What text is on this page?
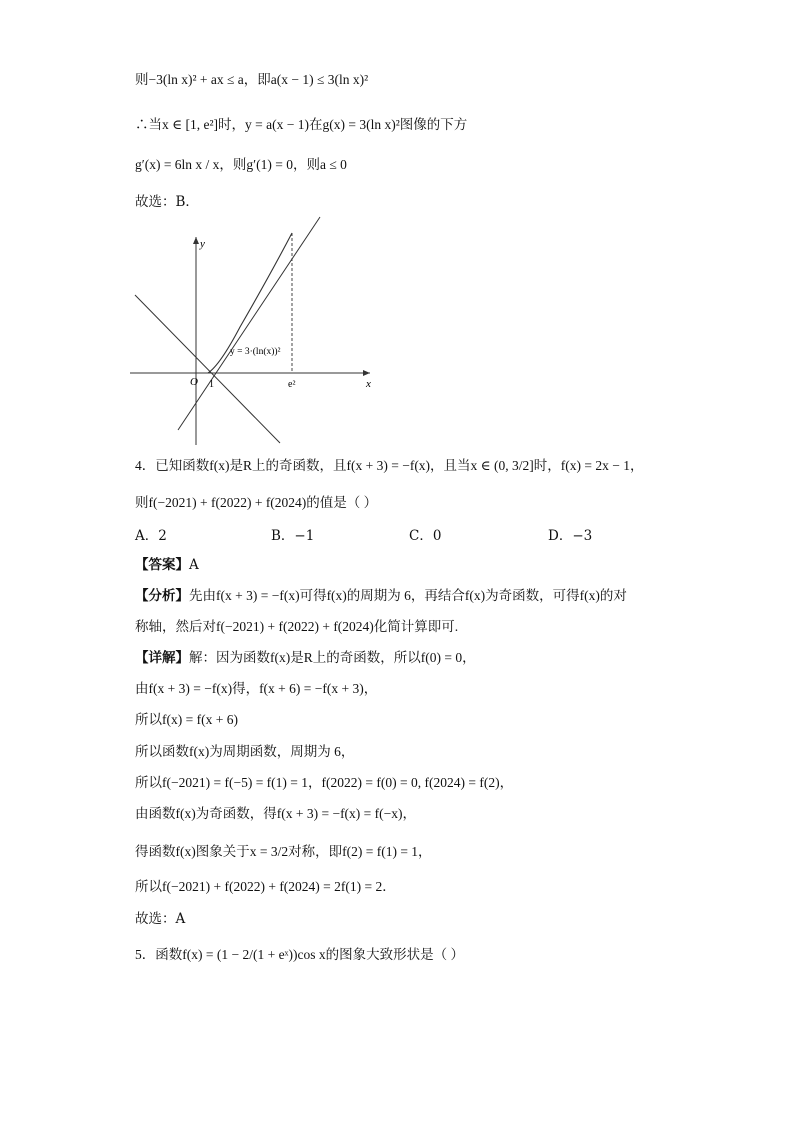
则−3(ln x)² + ax ≤ a，即a(x − 1) ≤ 3(ln x)²
∴当x ∈ [1, e²]时，y = a(x − 1)在g(x) = 3(ln x)²图像的下方
g′(x) = 6ln x / x，则g′(1) = 0，则a ≤ 0
故选：B．
y
x
O 1	e²
y = 3·(ln(x))²
4．已知函数f(x)是R上的奇函数，且f(x + 3) = −f(x)，且当x ∈ (0, 3/2]时，f(x) = 2x − 1，
则f(−2021) + f(2022) + f(2024)的值是（ ）
A．2	B．−1	C．0	D．−3
【答案】A
【分析】先由f(x + 3) = −f(x)可得f(x)的周期为 6，再结合f(x)为奇函数，可得f(x)的对
称轴，然后对f(−2021) + f(2022) + f(2024)化简计算即可.
【详解】解：因为函数f(x)是R上的奇函数，所以f(0) = 0，
由f(x + 3) = −f(x)得，f(x + 6) = −f(x + 3)，
所以f(x) = f(x + 6)
所以函数f(x)为周期函数，周期为 6，
所以f(−2021) = f(−5) = f(1) = 1，f(2022) = f(0) = 0, f(2024) = f(2)，
由函数f(x)为奇函数，得f(x + 3) = −f(x) = f(−x)，
得函数f(x)图象关于x = 3/2对称，即f(2) = f(1) = 1，
所以f(−2021) + f(2022) + f(2024) = 2f(1) = 2．
故选：A
5．函数f(x) = (1 − 2/(1 + eˣ))cos x的图象大致形状是（ ）
